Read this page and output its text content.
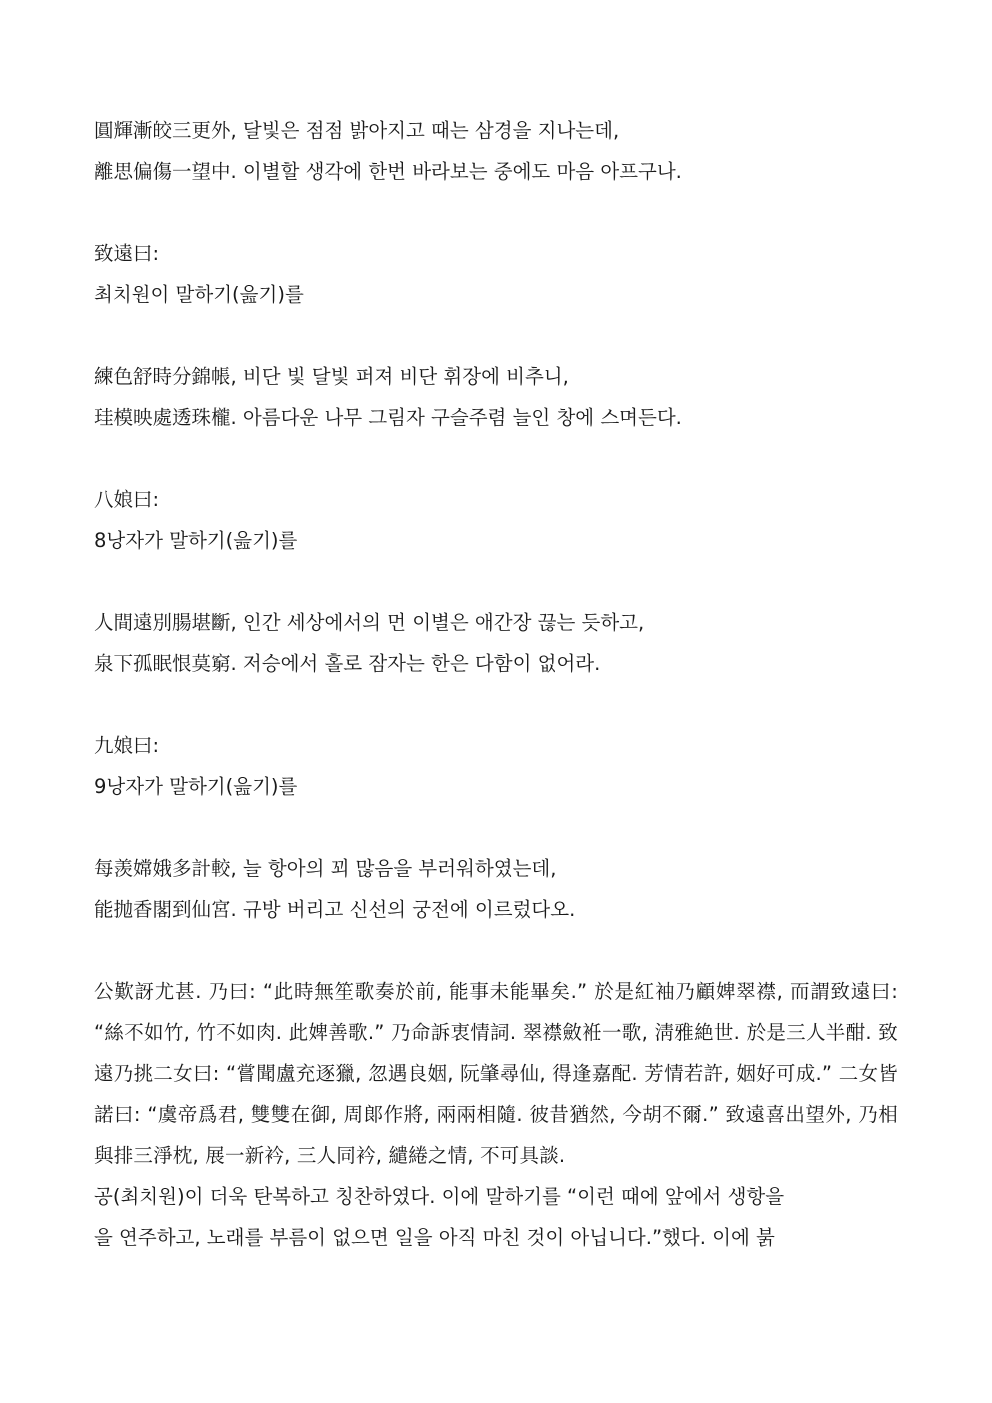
圓輝漸皎三更外, 달빛은 점점 밝아지고 때는 삼경을 지나는데,
離思偏傷一望中. 이별할 생각에 한번 바라보는 중에도 마음 아프구나.
致遠曰:
최치원이 말하기(읊기)를
練色舒時分錦帳, 비단 빛 달빛 퍼져 비단 휘장에 비추니,
珪模映處透珠櫳. 아름다운 나무 그림자 구슬주렴 늘인 창에 스며든다.
八娘曰:
8낭자가 말하기(읊기)를
人間遠別腸堪斷, 인간 세상에서의 먼 이별은 애간장 끊는 듯하고,
泉下孤眠恨莫窮. 저승에서 홀로 잠자는 한은 다함이 없어라.
九娘曰:
9낭자가 말하기(읊기)를
每羡嫦娥多計較, 늘 항아의 꾀 많음을 부러워하였는데,
能抛香閣到仙宮. 규방 버리고 신선의 궁전에 이르렀다오.
公歎訝尤甚. 乃曰: “此時無笙歌奏於前, 能事未能畢矣.” 於是紅袖乃顧婢翠襟, 而謂致遠曰: “絲不如竹, 竹不如肉. 此婢善歌.” 乃命訴衷情詞. 翠襟斂袵一歌, 淸雅絶世. 於是三人半酣. 致遠乃挑二女曰: “嘗聞盧充逐獵, 忽遇良姻, 阮肇尋仙, 得逢嘉配. 芳情若許, 姻好可成.” 二女皆諾曰: “虞帝爲君, 雙雙在御, 周郞作將, 兩兩相隨. 彼昔猶然, 今胡不爾.” 致遠喜出望外, 乃相與排三淨枕, 展一新衿, 三人同衿, 繾綣之情, 不可具談.
공(최치원)이 더욱 탄복하고 칭찬하였다. 이에 말하기를 “이런 때에 앞에서 생항을
을 연주하고, 노래를 부름이 없으면 일을 아직 마친 것이 아닙니다.”했다. 이에 붉
